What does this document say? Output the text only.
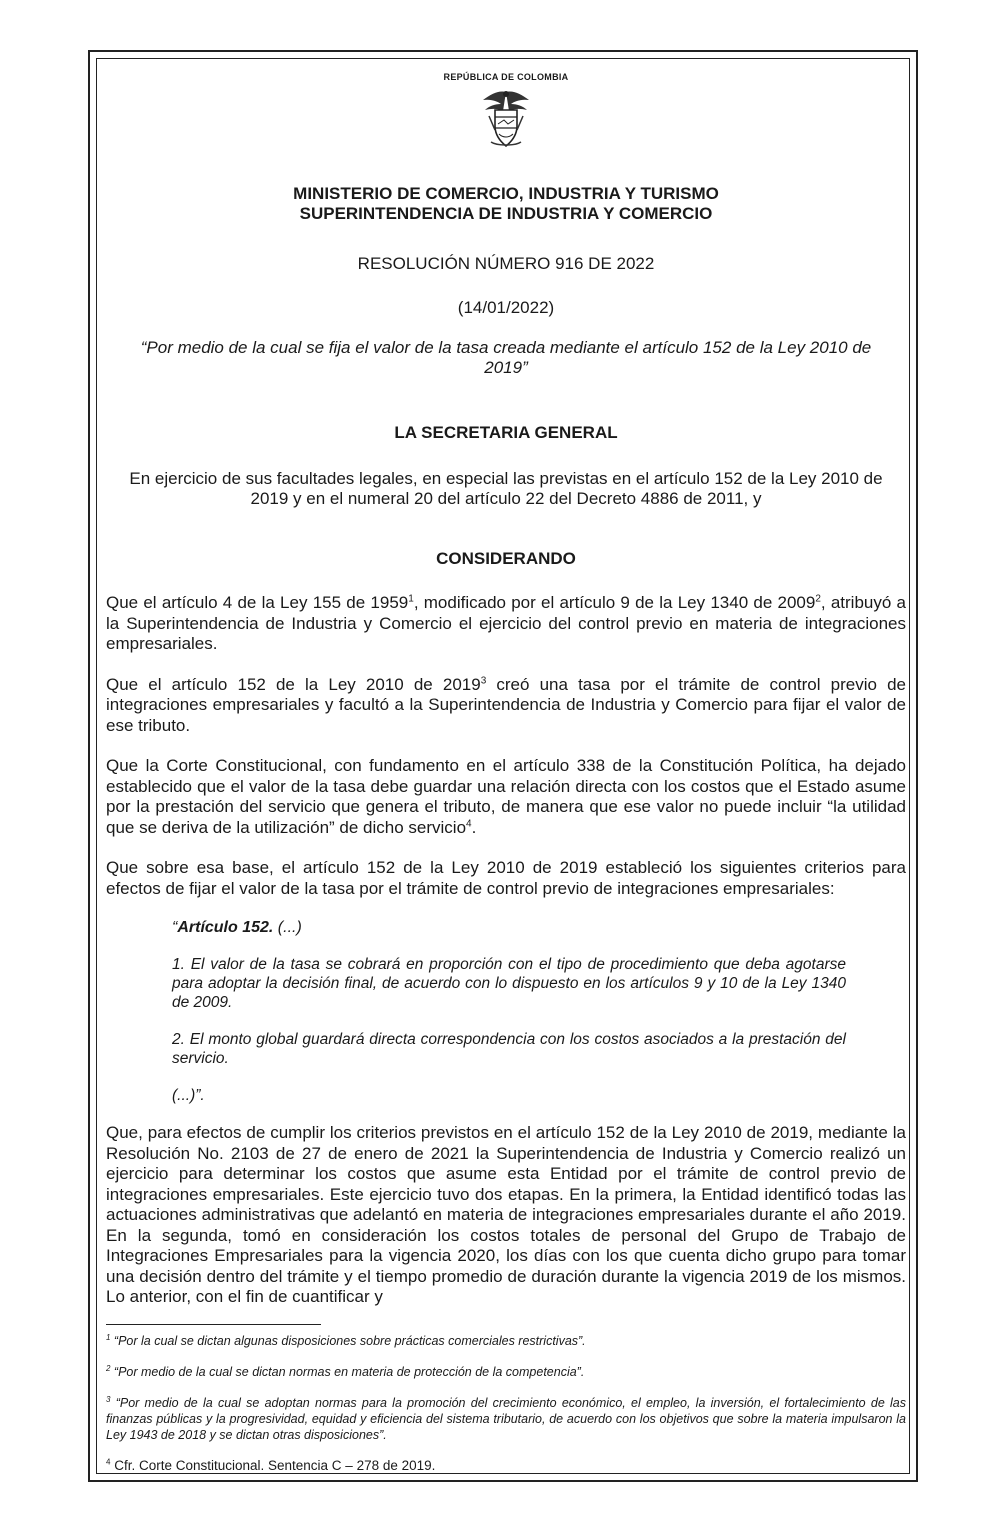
REPÚBLICA DE COLOMBIA
MINISTERIO DE COMERCIO, INDUSTRIA Y TURISMO
SUPERINTENDENCIA DE INDUSTRIA Y COMERCIO
RESOLUCIÓN NÚMERO 916 DE 2022
(14/01/2022)
“Por medio de la cual se fija el valor de la tasa creada mediante el artículo 152 de la Ley 2010 de
2019”
LA SECRETARIA GENERAL
En ejercicio de sus facultades legales, en especial las previstas en el artículo 152 de la Ley 2010 de
2019 y en el numeral 20 del artículo 22 del Decreto 4886 de 2011, y
CONSIDERANDO

Que el artículo 4 de la Ley 155 de 1959$^1$, modificado por el artículo 9 de la Ley 1340 de 2009$^2$, atribuyó a la Superintendencia de Industria y Comercio el ejercicio del control previo en materia de integraciones empresariales.

Que el artículo 152 de la Ley 2010 de 2019$^3$ creó una tasa por el trámite de control previo de integraciones empresariales y facultó a la Superintendencia de Industria y Comercio para fijar el valor de ese tributo.

Que la Corte Constitucional, con fundamento en el artículo 338 de la Constitución Política, ha dejado establecido que el valor de la tasa debe guardar una relación directa con los costos que el Estado asume por la prestación del servicio que genera el tributo, de manera que ese valor no puede incluir “la utilidad que se deriva de la utilización” de dicho servicio$^4$.

Que sobre esa base, el artículo 152 de la Ley 2010 de 2019 estableció los siguientes criterios para efectos de fijar el valor de la tasa por el trámite de control previo de integraciones empresariales:

“Artículo 152. (...)

1. El valor de la tasa se cobrará en proporción con el tipo de procedimiento que deba agotarse para adoptar la decisión final, de acuerdo con lo dispuesto en los artículos 9 y 10 de la Ley 1340 de 2009.

2. El monto global guardará directa correspondencia con los costos asociados a la prestación del servicio.

(...)”.

Que, para efectos de cumplir los criterios previstos en el artículo 152 de la Ley 2010 de 2019, mediante la Resolución No. 2103 de 27 de enero de 2021 la Superintendencia de Industria y Comercio realizó un ejercicio para determinar los costos que asume esta Entidad por el trámite de control previo de integraciones empresariales. Este ejercicio tuvo dos etapas. En la primera, la Entidad identificó todas las actuaciones administrativas que adelantó en materia de integraciones empresariales durante el año 2019. En la segunda, tomó en consideración los costos totales de personal del Grupo de Trabajo de Integraciones Empresariales para la vigencia 2020, los días con los que cuenta dicho grupo para tomar una decisión dentro del trámite y el tiempo promedio de duración durante la vigencia 2019 de los mismos. Lo anterior, con el fin de cuantificar y

$^1$ “Por la cual se dictan algunas disposiciones sobre prácticas comerciales restrictivas”.

$^2$ “Por medio de la cual se dictan normas en materia de protección de la competencia”.

$^3$ “Por medio de la cual se adoptan normas para la promoción del crecimiento económico, el empleo, la inversión, el fortalecimiento de las finanzas públicas y la progresividad, equidad y eficiencia del sistema tributario, de acuerdo con los objetivos que sobre la materia impulsaron la Ley 1943 de 2018 y se dictan otras disposiciones”.

$^4$ Cfr. Corte Constitucional. Sentencia C – 278 de 2019.
